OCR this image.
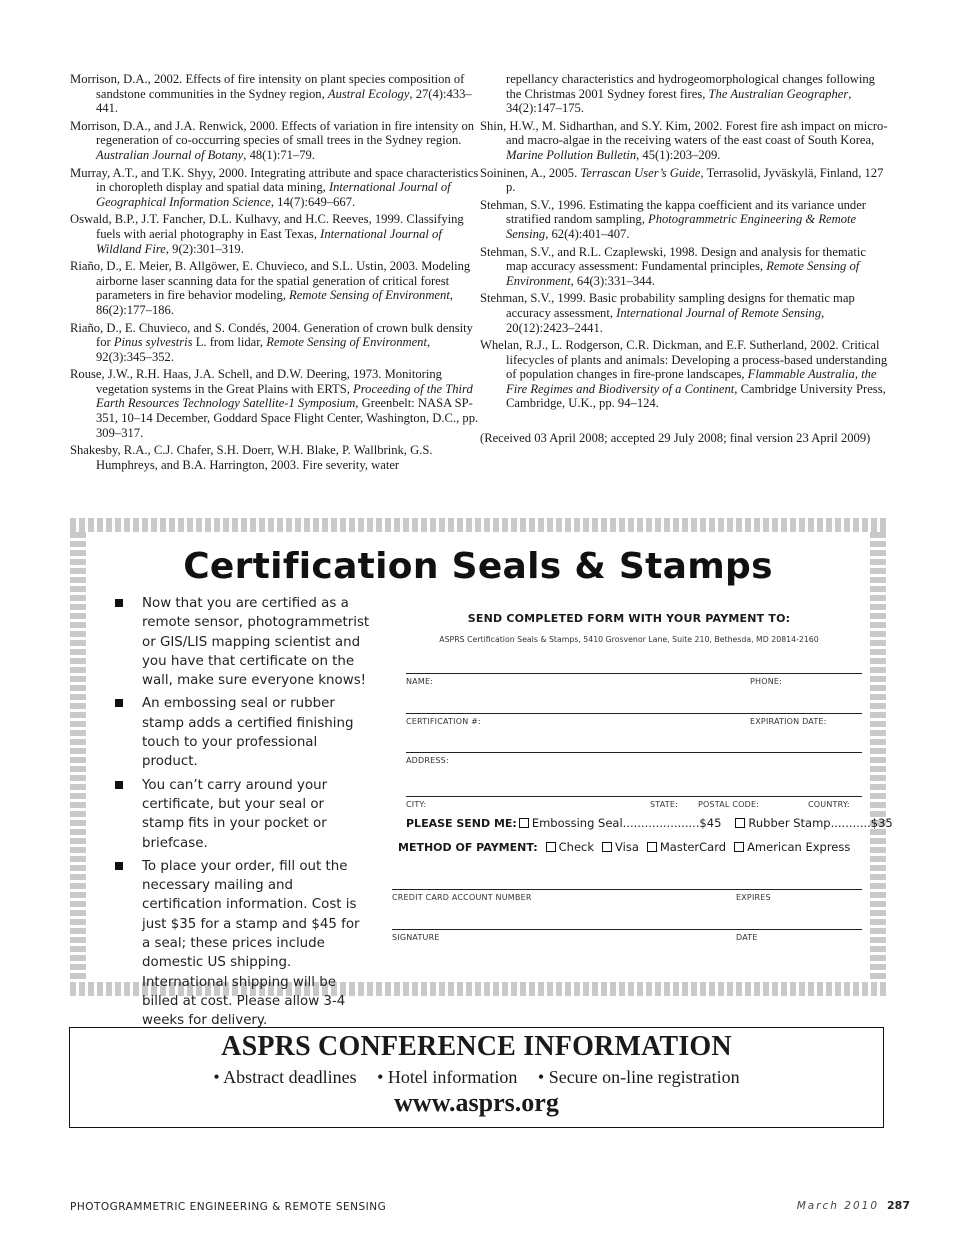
Morrison, D.A., 2002. Effects of fire intensity on plant species composition of sandstone communities in the Sydney region, Austral Ecology, 27(4):433–441.

Morrison, D.A., and J.A. Renwick, 2000. Effects of variation in fire intensity on regeneration of co-occurring species of small trees in the Sydney region. Australian Journal of Botany, 48(1):71–79.

Murray, A.T., and T.K. Shyy, 2000. Integrating attribute and space characteristics in choropleth display and spatial data mining, International Journal of Geographical Information Science, 14(7):649–667.

Oswald, B.P., J.T. Fancher, D.L. Kulhavy, and H.C. Reeves, 1999. Classifying fuels with aerial photography in East Texas, International Journal of Wildland Fire, 9(2):301–319.

Riaño, D., E. Meier, B. Allgöwer, E. Chuvieco, and S.L. Ustin, 2003. Modeling airborne laser scanning data for the spatial generation of critical forest parameters in fire behavior modeling, Remote Sensing of Environment, 86(2):177–186.

Riaño, D., E. Chuvieco, and S. Condés, 2004. Generation of crown bulk density for Pinus sylvestris L. from lidar, Remote Sensing of Environment, 92(3):345–352.

Rouse, J.W., R.H. Haas, J.A. Schell, and D.W. Deering, 1973. Monitoring vegetation systems in the Great Plains with ERTS, Proceeding of the Third Earth Resources Technology Satellite-1 Symposium, Greenbelt: NASA SP-351, 10–14 December, Goddard Space Flight Center, Washington, D.C., pp. 309–317.

Shakesby, R.A., C.J. Chafer, S.H. Doerr, W.H. Blake, P. Wallbrink, G.S. Humphreys, and B.A. Harrington, 2003. Fire severity, water

repellancy characteristics and hydrogeomorphological changes following the Christmas 2001 Sydney forest fires, The Australian Geographer, 34(2):147–175.

Shin, H.W., M. Sidharthan, and S.Y. Kim, 2002. Forest fire ash impact on micro- and macro-algae in the receiving waters of the east coast of South Korea, Marine Pollution Bulletin, 45(1):203–209.

Soininen, A., 2005. Terrascan User’s Guide, Terrasolid, Jyväskylä, Finland, 127 p.

Stehman, S.V., 1996. Estimating the kappa coefficient and its variance under stratified random sampling, Photogrammetric Engineering & Remote Sensing, 62(4):401–407.

Stehman, S.V., and R.L. Czaplewski, 1998. Design and analysis for thematic map accuracy assessment: Fundamental principles, Remote Sensing of Environment, 64(3):331–344.

Stehman, S.V., 1999. Basic probability sampling designs for thematic map accuracy assessment, International Journal of Remote Sensing, 20(12):2423–2441.

Whelan, R.J., L. Rodgerson, C.R. Dickman, and E.F. Sutherland, 2002. Critical lifecycles of plants and animals: Developing a process-based understanding of population changes in fire-prone landscapes, Flammable Australia, the Fire Regimes and Biodiversity of a Continent, Cambridge University Press, Cambridge, U.K., pp. 94–124.

(Received 03 April 2008; accepted 29 July 2008; final version 23 April 2009)

Certification Seals & Stamps
Now that you are certified as a remote sensor, photogrammetrist or GIS/LIS mapping scientist and you have that certificate on the wall, make sure everyone knows!
An embossing seal or rubber stamp adds a certified finishing touch to your professional product.
You can’t carry around your certificate, but your seal or stamp fits in your pocket or briefcase.
To place your order, fill out the necessary mailing and certification information. Cost is just $35 for a stamp and $45 for a seal; these prices include domestic US shipping. International shipping will be billed at cost. Please allow 3-4 weeks for delivery.
SEND COMPLETED FORM WITH YOUR PAYMENT TO:
ASPRS Certification Seals & Stamps, 5410 Grosvenor Lane, Suite 210, Bethesda, MD 20814-2160
NAME:	PHONE:
CERTIFICATION #:	EXPIRATION DATE:
ADDRESS:
CITY:	STATE: POSTAL CODE:	COUNTRY:
PLEASE SEND ME: Embossing Seal.....................$45 Rubber Stamp...........$35
METHOD OF PAYMENT: Check Visa MasterCard American Express
CREDIT CARD ACCOUNT NUMBER	EXPIRES
SIGNATURE	DATE
ASPRS CONFERENCE INFORMATION
• Abstract deadlines • Hotel information • Secure on-line registration
www.asprs.org
PHOTOGRAMMETRIC ENGINEERING & REMOTE SENSING	March 2010 287
